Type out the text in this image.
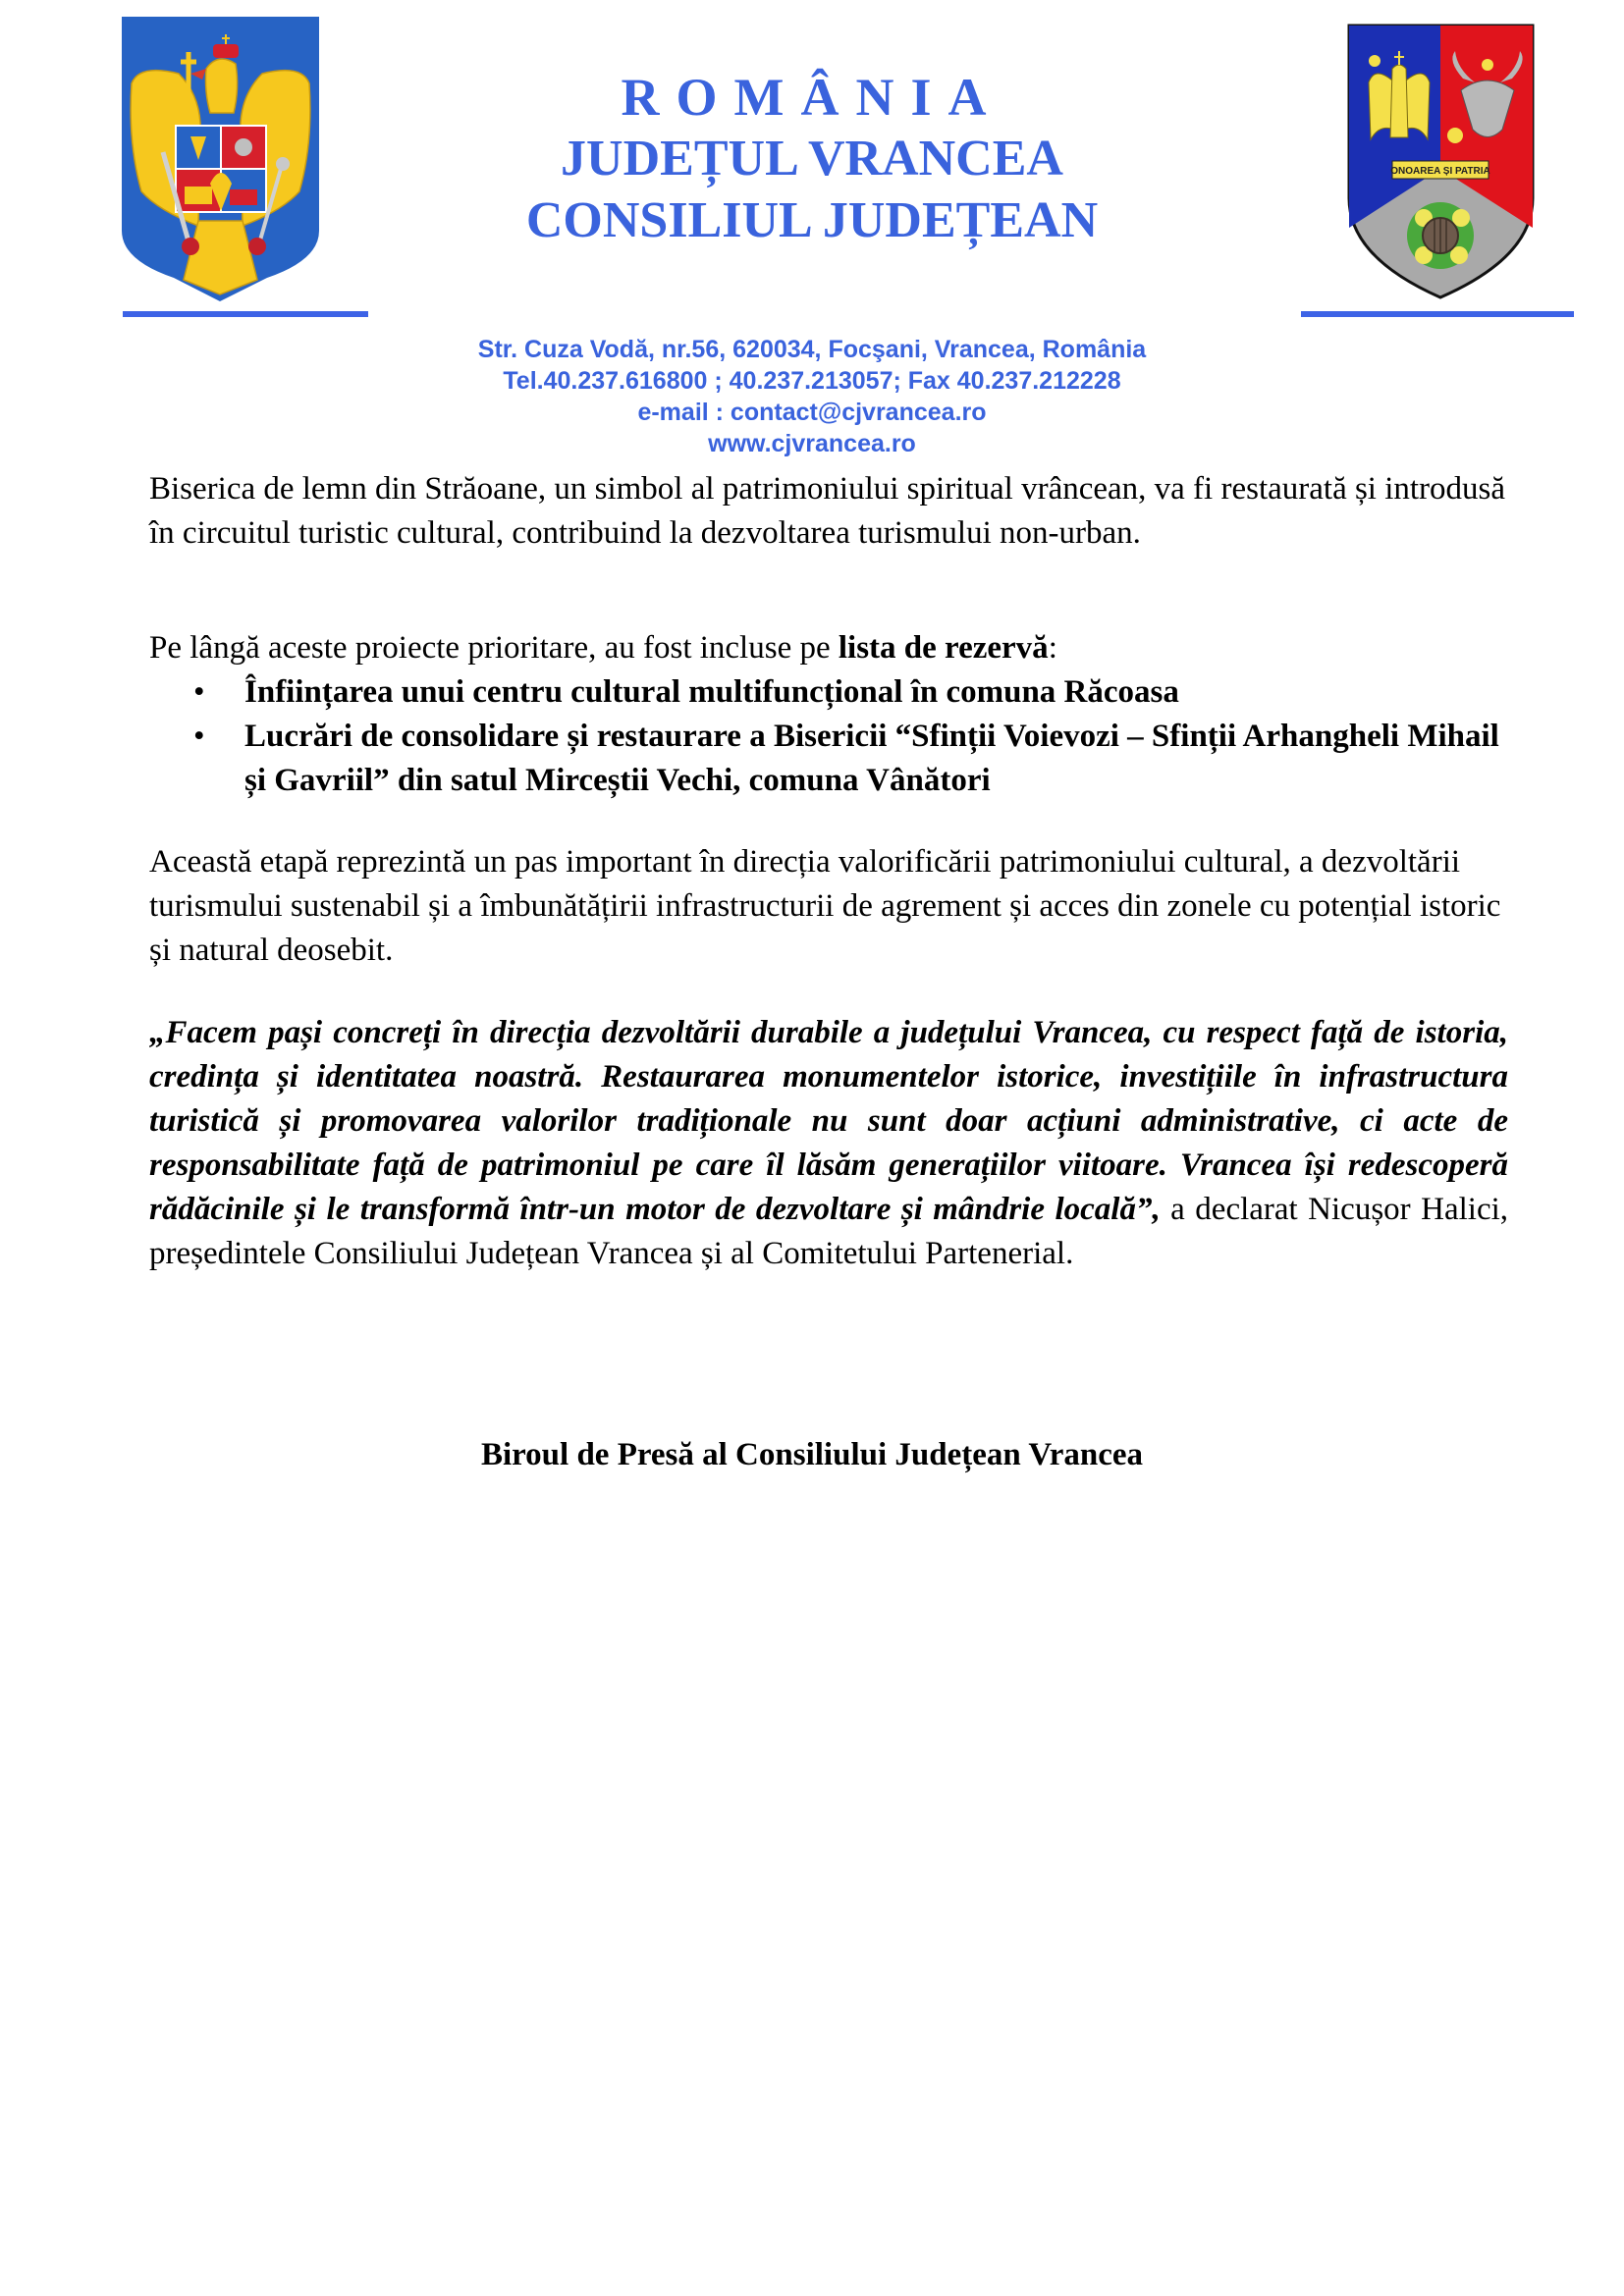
ONOAREA ȘI PATRIA
ROMÂNIA
JUDEȚUL VRANCEA
CONSILIUL JUDEȚEAN
Str. Cuza Vodă, nr.56, 620034, Focşani, Vrancea, România
Tel.40.237.616800 ; 40.237.213057; Fax 40.237.212228
e-mail : contact@cjvrancea.ro
www.cjvrancea.ro
Biserica de lemn din Străoane, un simbol al patrimoniului spiritual vrâncean, va fi restaurată și introdusă în circuitul turistic cultural, contribuind la dezvoltarea turismului non-urban.
Pe lângă aceste proiecte prioritare, au fost incluse pe lista de rezervă:
• Înființarea unui centru cultural multifuncțional în comuna Răcoasa
• Lucrări de consolidare și restaurare a Bisericii “Sfinții Voievozi – Sfinții Arhangheli Mihail și Gavriil” din satul Mirceștii Vechi, comuna Vânători
Această etapă reprezintă un pas important în direcția valorificării patrimoniului cultural, a dezvoltării turismului sustenabil și a îmbunătățirii infrastructurii de agrement și acces din zonele cu potențial istoric și natural deosebit.
„Facem pași concreți în direcția dezvoltării durabile a județului Vrancea, cu respect față de istoria, credința și identitatea noastră. Restaurarea monumentelor istorice, investițiile în infrastructura turistică și promovarea valorilor tradiționale nu sunt doar acțiuni administrative, ci acte de responsabilitate față de patrimoniul pe care îl lăsăm generațiilor viitoare. Vrancea își redescoperă rădăcinile și le transformă într-un motor de dezvoltare și mândrie locală”, a declarat Nicușor Halici, președintele Consiliului Județean Vrancea și al Comitetului Partenerial.
Biroul de Presă al Consiliului Județean Vrancea
